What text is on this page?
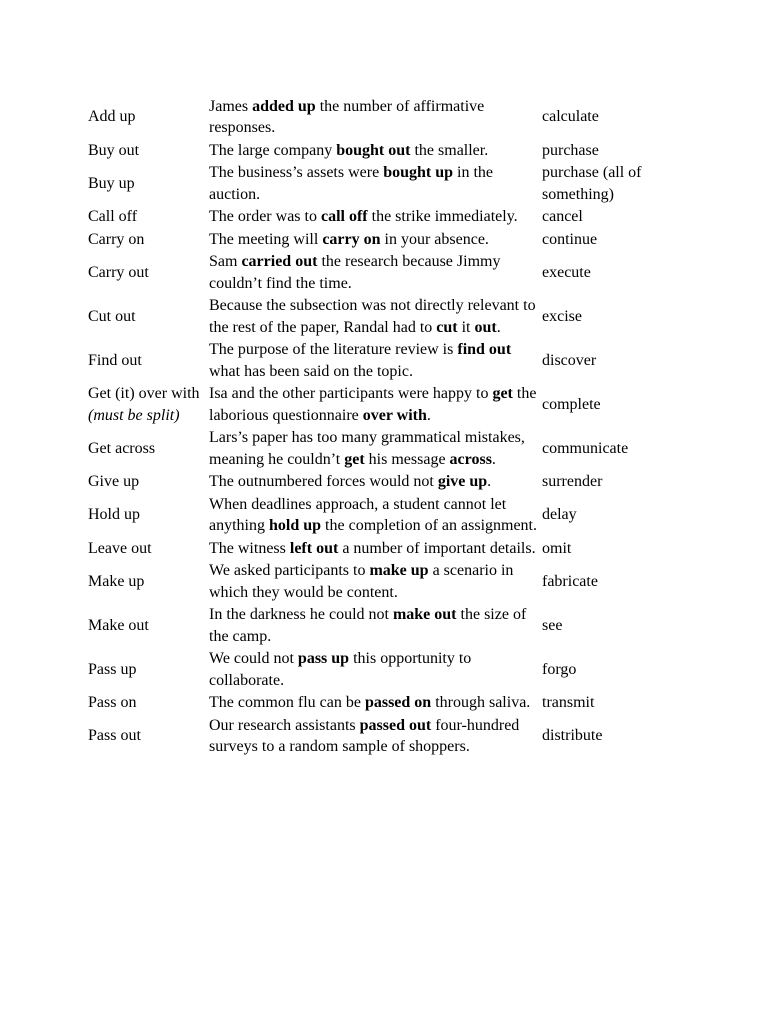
Add up	James added up the number of affirmative responses.	calculate
Buy out	The large company bought out the smaller.	purchase
Buy up	The business’s assets were bought up in the auction.	purchase (all of something)
Call off	The order was to call off the strike immediately.	cancel
Carry on	The meeting will carry on in your absence.	continue
Carry out	Sam carried out the research because Jimmy couldn’t find the time.	execute
Cut out	Because the subsection was not directly relevant to the rest of the paper, Randal had to cut it out.	excise
Find out	The purpose of the literature review is find out what has been said on the topic.	discover
Get (it) over with (must be split)	Isa and the other participants were happy to get the laborious questionnaire over with.	complete
Get across	Lars’s paper has too many grammatical mistakes, meaning he couldn’t get his message across.	communicate
Give up	The outnumbered forces would not give up.	surrender
Hold up	When deadlines approach, a student cannot let anything hold up the completion of an assignment.	delay
Leave out	The witness left out a number of important details.	omit
Make up	We asked participants to make up a scenario in which they would be content.	fabricate
Make out	In the darkness he could not make out the size of the camp.	see
Pass up	We could not pass up this opportunity to collaborate.	forgo
Pass on	The common flu can be passed on through saliva.	transmit
Pass out	Our research assistants passed out four-hundred surveys to a random sample of shoppers.	distribute
